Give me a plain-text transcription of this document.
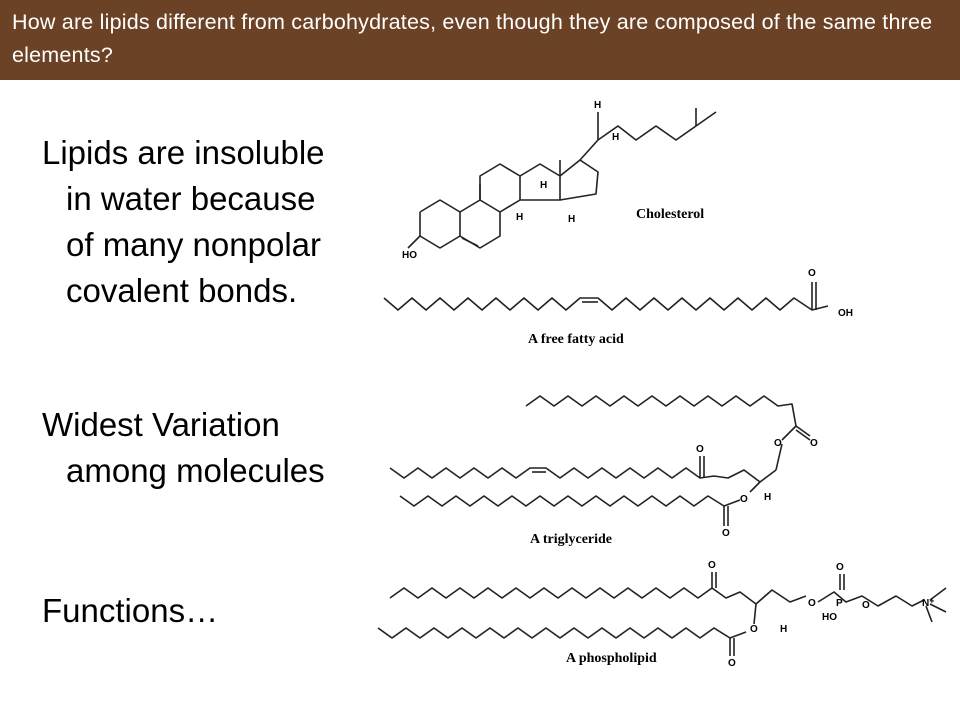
How are lipids different from carbohydrates, even though they are composed of the same three elements?
Lipids are insoluble
in water because
of many nonpolar
covalent bonds.
Widest Variation
among molecules
Functions…
HO
H
H
H
H	H
O
OH
O
O
O
O H
O
O	O
O P
HO
O	N⁺
O H
O
Cholesterol
A free fatty acid
A triglyceride
A phospholipid
